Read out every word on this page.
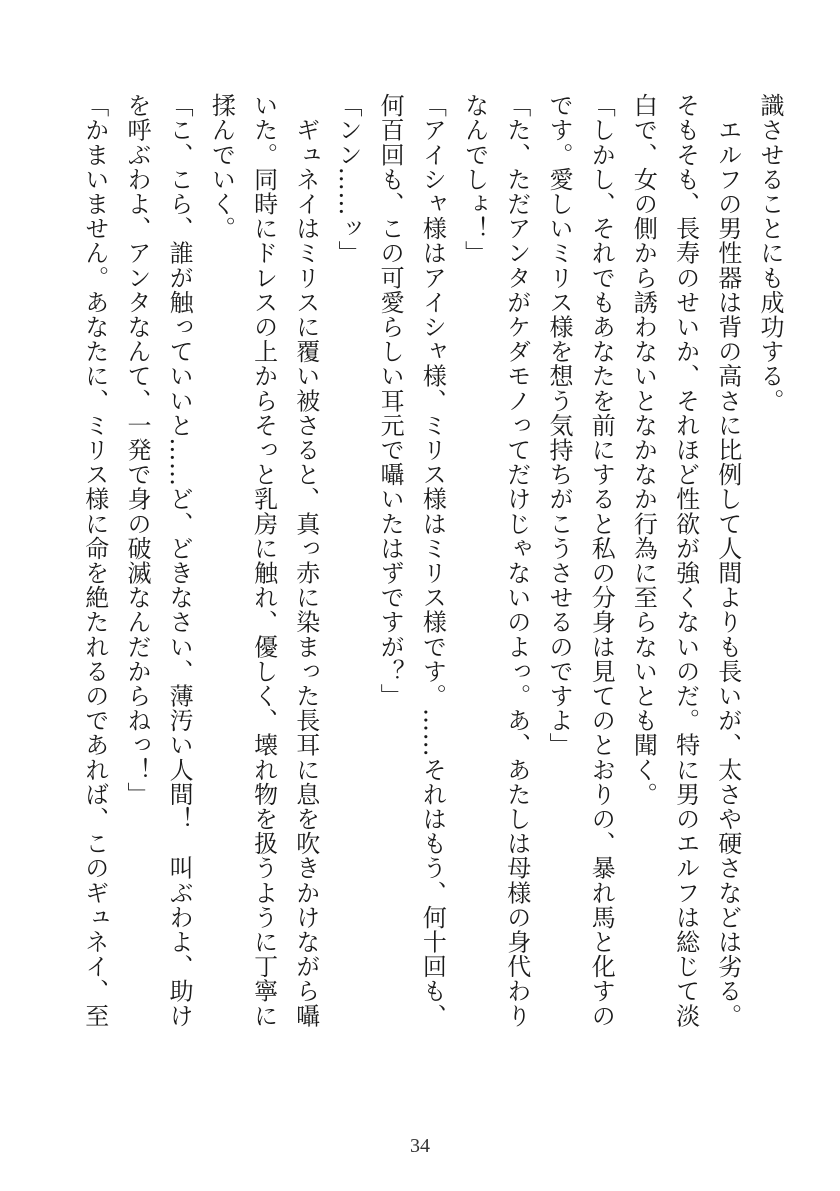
識させることにも成功する。
　エルフの男性器は背の高さに比例して人間よりも長いが、太さや硬さなどは劣る。
そもそも、長寿のせいか、それほど性欲が強くないのだ。特に男のエルフは総じて淡
白で、女の側から誘わないとなかなか行為に至らないとも聞く。
「しかし、それでもあなたを前にすると私の分身は見てのとおりの、暴れ馬と化すの
です。愛しいミリス様を想う気持ちがこうさせるのですよ」
「た、ただアンタがケダモノってだけじゃないのよっ。あ、あたしは母様の身代わり
なんでしょ！」
「アイシャ様はアイシャ様、ミリス様はミリス様です。……それはもう、何十回も、
何百回も、この可愛らしい耳元で囁いたはずですが？」
「ンン……ッ」
　ギュネイはミリスに覆い被さると、真っ赤に染まった長耳に息を吹きかけながら囁
いた。同時にドレスの上からそっと乳房に触れ、優しく、壊れ物を扱うように丁寧に
揉んでいく。
「こ、こら、誰が触っていいと……ど、どきなさい、薄汚い人間！　叫ぶわよ、助け
を呼ぶわよ、アンタなんて、一発で身の破滅なんだからねっ！」
「かまいません。あなたに、ミリス様に命を絶たれるのであれば、このギュネイ、至
34
